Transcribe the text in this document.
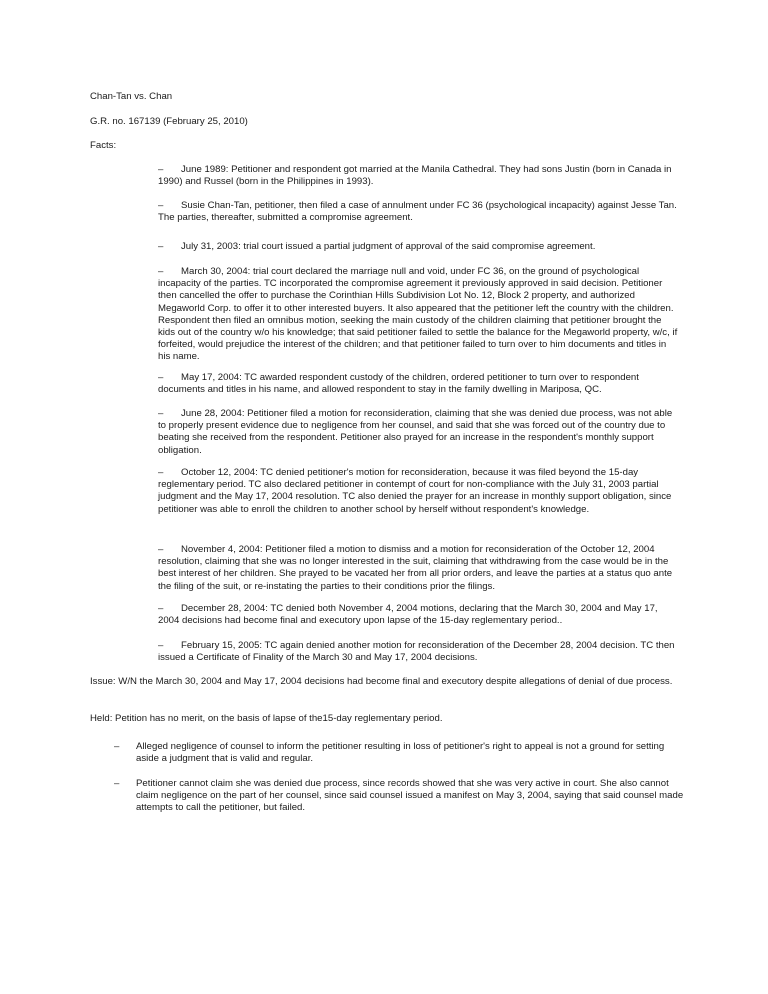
Chan-Tan vs. Chan
G.R. no. 167139 (February 25, 2010)
Facts:
– June 1989: Petitioner and respondent got married at the Manila Cathedral. They had sons Justin (born in Canada in 1990) and Russel (born in the Philippines in 1993).
– Susie Chan-Tan, petitioner, then filed a case of annulment under FC 36 (psychological incapacity) against Jesse Tan. The parties, thereafter, submitted a compromise agreement.
– July 31, 2003: trial court issued a partial judgment of approval of the said compromise agreement.
– March 30, 2004: trial court declared the marriage null and void, under FC 36, on the ground of psychological incapacity of the parties. TC incorporated the compromise agreement it previously approved in said decision. Petitioner then cancelled the offer to purchase the Corinthian Hills Subdivision Lot No. 12, Block 2 property, and authorized Megaworld Corp. to offer it to other interested buyers. It also appeared that the petitioner left the country with the children. Respondent then filed an omnibus motion, seeking the main custody of the children claiming that petitioner brought the kids out of the country w/o his knowledge; that said petitioner failed to settle the balance for the Megaworld property, w/c, if forfeited, would prejudice the interest of the children; and that petitioner failed to turn over to him documents and titles in his name.
– May 17, 2004: TC awarded respondent custody of the children, ordered petitioner to turn over to respondent documents and titles in his name, and allowed respondent to stay in the family dwelling in Mariposa, QC.
– June 28, 2004: Petitioner filed a motion for reconsideration, claiming that she was denied due process, was not able to properly present evidence due to negligence from her counsel, and said that she was forced out of the country due to beating she received from the respondent. Petitioner also prayed for an increase in the respondent's monthly support obligation.
– October 12, 2004: TC denied petitioner's motion for reconsideration, because it was filed beyond the 15-day reglementary period. TC also declared petitioner in contempt of court for non-compliance with the July 31, 2003 partial judgment and the May 17, 2004 resolution. TC also denied the prayer for an increase in monthly support obligation, since petitioner was able to enroll the children to another school by herself without respondent's knowledge.
– November 4, 2004: Petitioner filed a motion to dismiss and a motion for reconsideration of the October 12, 2004 resolution, claiming that she was no longer interested in the suit, claiming that withdrawing from the case would be in the best interest of her children. She prayed to be vacated her from all prior orders, and leave the parties at a status quo ante the filing of the suit, or re-instating the parties to their conditions prior the filings.
– December 28, 2004: TC denied both November 4, 2004 motions, declaring that the March 30, 2004 and May 17, 2004 decisions had become final and executory upon lapse of the 15-day reglementary period..
– February 15, 2005: TC again denied another motion for reconsideration of the December 28, 2004 decision. TC then issued a Certificate of Finality of the March 30 and May 17, 2004 decisions.
Issue: W/N the March 30, 2004 and May 17, 2004 decisions had become final and executory despite allegations of denial of due process.
Held: Petition has no merit, on the basis of lapse of the15-day reglementary period.
– Alleged negligence of counsel to inform the petitioner resulting in loss of petitioner's right to appeal is not a ground for setting aside a judgment that is valid and regular.
– Petitioner cannot claim she was denied due process, since records showed that she was very active in court. She also cannot claim negligence on the part of her counsel, since said counsel issued a manifest on May 3, 2004, saying that said counsel made attempts to call the petitioner, but failed.
